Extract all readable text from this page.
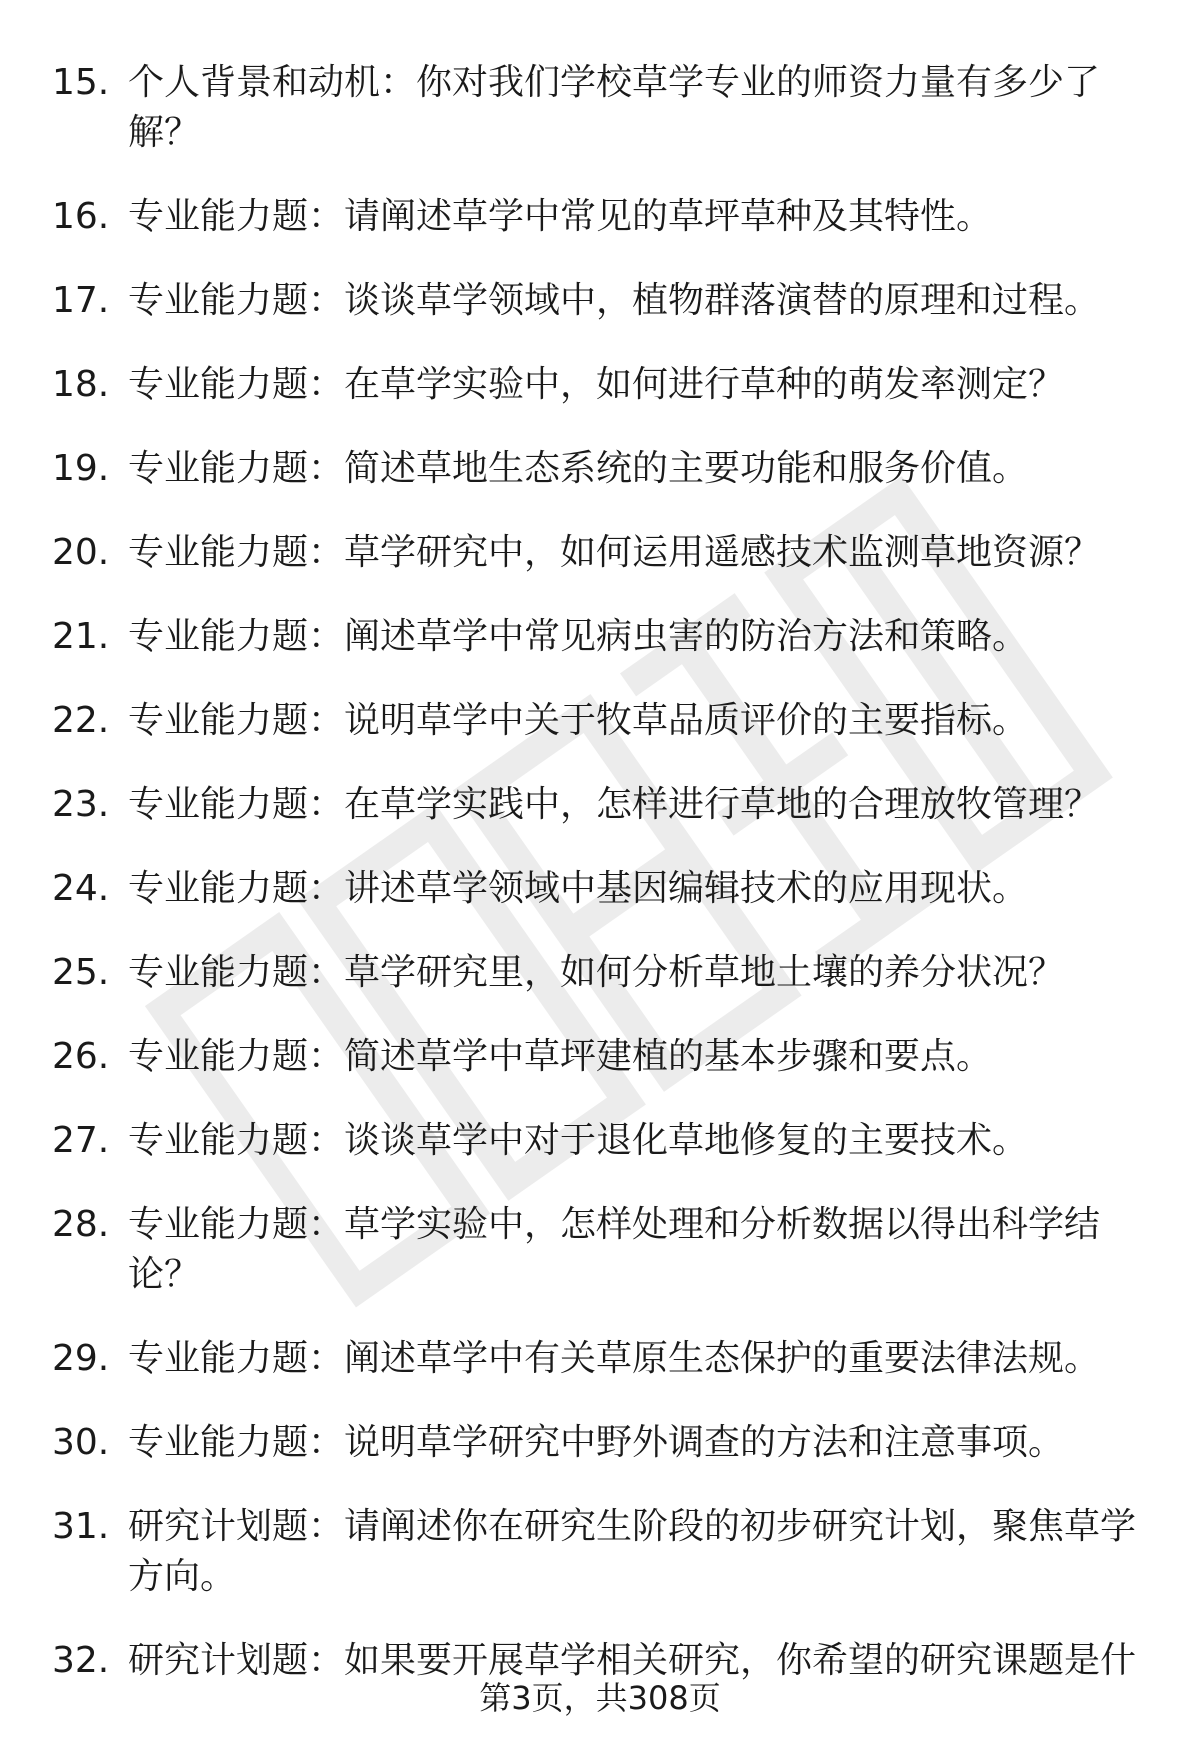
15. 个人背景和动机：你对我们学校草学专业的师资力量有多少了解？
16. 专业能力题：请阐述草学中常见的草坪草种及其特性。
17. 专业能力题：谈谈草学领域中，植物群落演替的原理和过程。
18. 专业能力题：在草学实验中，如何进行草种的萌发率测定？
19. 专业能力题：简述草地生态系统的主要功能和服务价值。
20. 专业能力题：草学研究中，如何运用遥感技术监测草地资源？
21. 专业能力题：阐述草学中常见病虫害的防治方法和策略。
22. 专业能力题：说明草学中关于牧草品质评价的主要指标。
23. 专业能力题：在草学实践中，怎样进行草地的合理放牧管理？
24. 专业能力题：讲述草学领域中基因编辑技术的应用现状。
25. 专业能力题：草学研究里，如何分析草地土壤的养分状况？
26. 专业能力题：简述草学中草坪建植的基本步骤和要点。
27. 专业能力题：谈谈草学中对于退化草地修复的主要技术。
28. 专业能力题：草学实验中，怎样处理和分析数据以得出科学结论？
29. 专业能力题：阐述草学中有关草原生态保护的重要法律法规。
30. 专业能力题：说明草学研究中野外调查的方法和注意事项。
31. 研究计划题：请阐述你在研究生阶段的初步研究计划，聚焦草学方向。
32. 研究计划题：如果要开展草学相关研究，你希望的研究课题是什
第3页，共308页
